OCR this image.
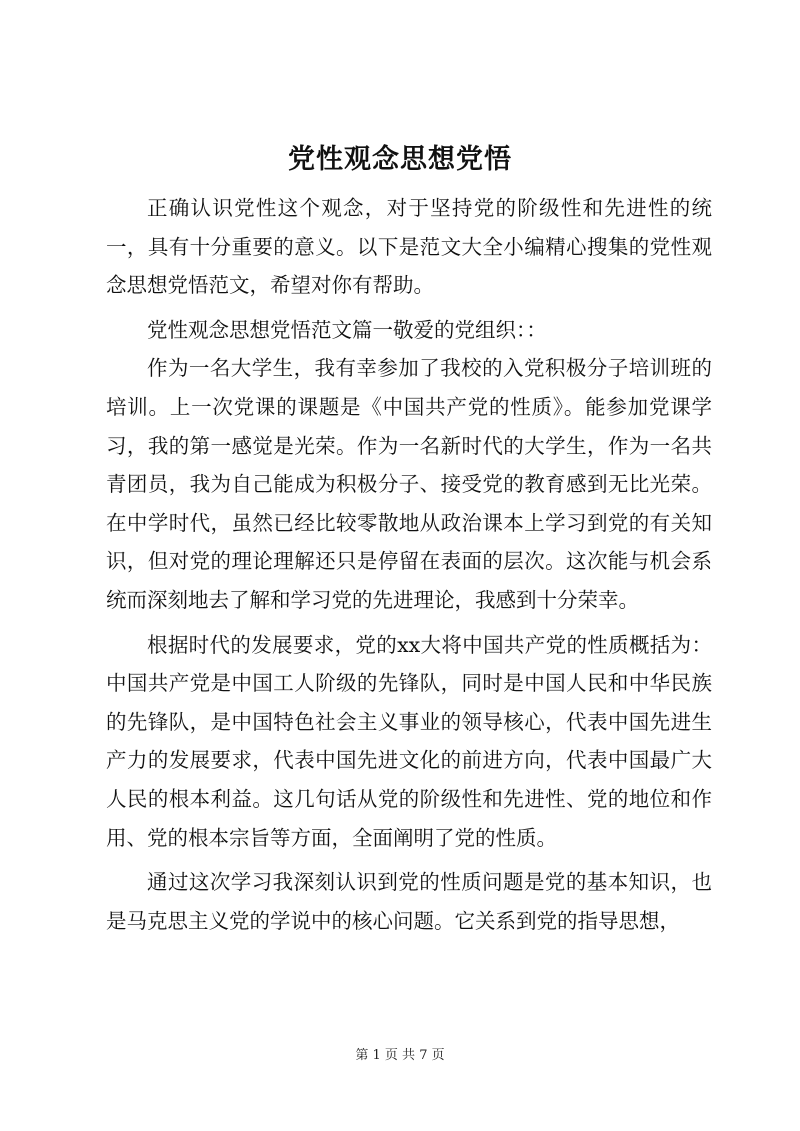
党性观念思想党悟

正确认识党性这个观念，对于坚持党的阶级性和先进性的统一，具有十分重要的意义。以下是范文大全小编精心搜集的党性观念思想党悟范文，希望对你有帮助。

党性观念思想党悟范文篇一敬爱的党组织：：

作为一名大学生，我有幸参加了我校的入党积极分子培训班的培训。上一次党课的课题是《中国共产党的性质》。能参加党课学习，我的第一感觉是光荣。作为一名新时代的大学生，作为一名共青团员，我为自己能成为积极分子、接受党的教育感到无比光荣。在中学时代，虽然已经比较零散地从政治课本上学习到党的有关知识，但对党的理论理解还只是停留在表面的层次。这次能与机会系统而深刻地去了解和学习党的先进理论，我感到十分荣幸。

根据时代的发展要求，党的xx大将中国共产党的性质概括为：中国共产党是中国工人阶级的先锋队，同时是中国人民和中华民族的先锋队，是中国特色社会主义事业的领导核心，代表中国先进生产力的发展要求，代表中国先进文化的前进方向，代表中国最广大人民的根本利益。这几句话从党的阶级性和先进性、党的地位和作用、党的根本宗旨等方面，全面阐明了党的性质。

通过这次学习我深刻认识到党的性质问题是党的基本知识，也是马克思主义党的学说中的核心问题。它关系到党的指导思想，

第 1 页 共 7 页
